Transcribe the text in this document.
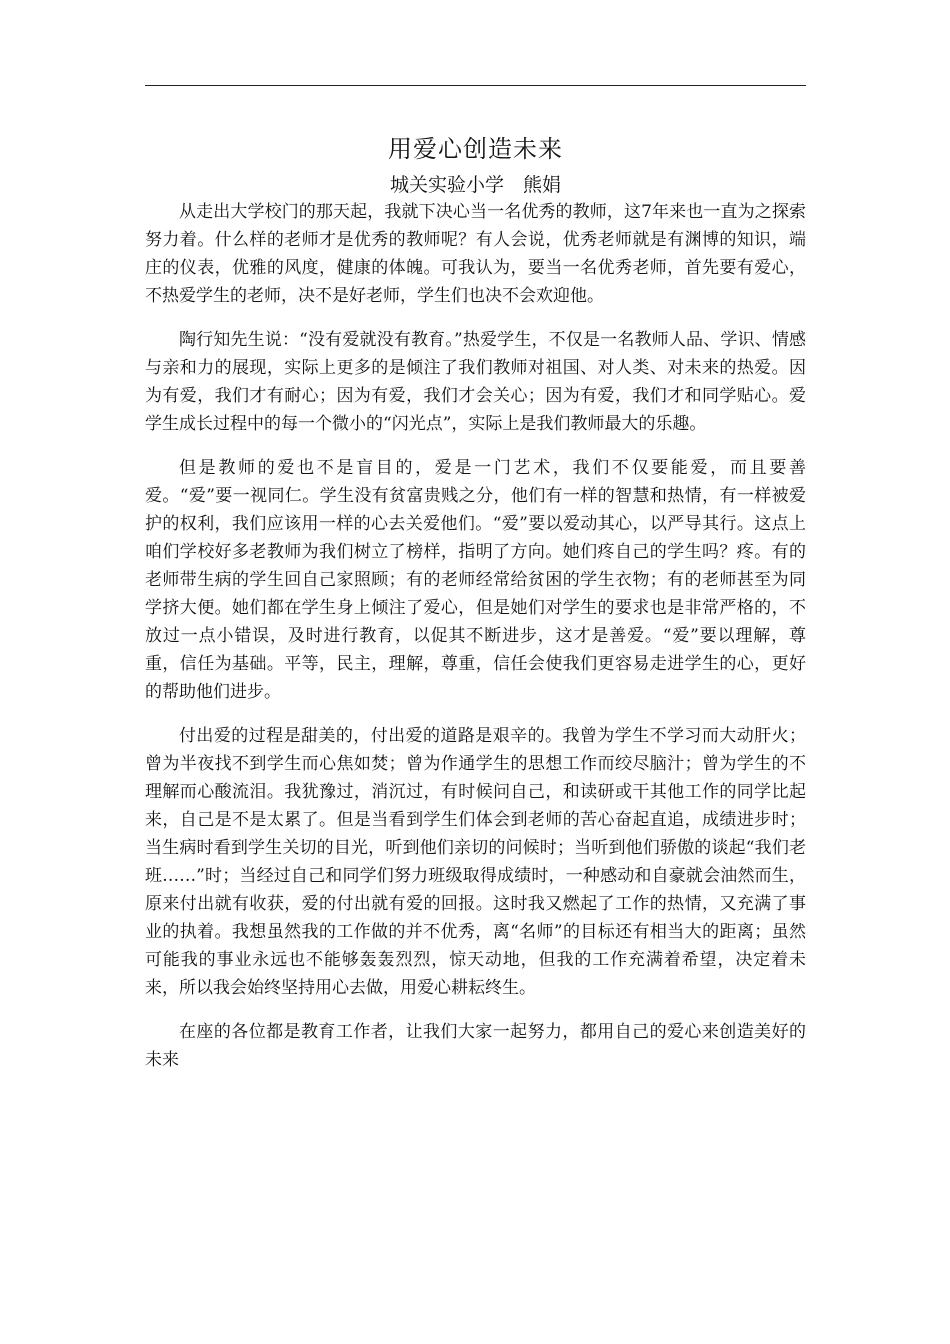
用爱心创造未来
城关实验小学　熊娟

从走出大学校门的那天起，我就下决心当一名优秀的教师，这7年来也一直为之探索努力着。什么样的老师才是优秀的教师呢？有人会说，优秀老师就是有渊博的知识，端庄的仪表，优雅的风度，健康的体魄。可我认为，要当一名优秀老师，首先要有爱心，不热爱学生的老师，决不是好老师，学生们也决不会欢迎他。

陶行知先生说：“没有爱就没有教育。”热爱学生，不仅是一名教师人品、学识、情感与亲和力的展现，实际上更多的是倾注了我们教师对祖国、对人类、对未来的热爱。因为有爱，我们才有耐心；因为有爱，我们才会关心；因为有爱，我们才和同学贴心。爱学生成长过程中的每一个微小的“闪光点”，实际上是我们教师最大的乐趣。

但是教师的爱也不是盲目的，爱是一门艺术，我们不仅要能爱，而且要善爱。“爱”要一视同仁。学生没有贫富贵贱之分，他们有一样的智慧和热情，有一样被爱护的权利，我们应该用一样的心去关爱他们。“爱”要以爱动其心，以严导其行。这点上咱们学校好多老教师为我们树立了榜样，指明了方向。她们疼自己的学生吗？疼。有的老师带生病的学生回自己家照顾；有的老师经常给贫困的学生衣物；有的老师甚至为同学挤大便。她们都在学生身上倾注了爱心，但是她们对学生的要求也是非常严格的，不放过一点小错误，及时进行教育，以促其不断进步，这才是善爱。“爱”要以理解，尊重，信任为基础。平等，民主，理解，尊重，信任会使我们更容易走进学生的心，更好的帮助他们进步。

付出爱的过程是甜美的，付出爱的道路是艰辛的。我曾为学生不学习而大动肝火；曾为半夜找不到学生而心焦如焚；曾为作通学生的思想工作而绞尽脑汁；曾为学生的不理解而心酸流泪。我犹豫过，消沉过，有时候问自己，和读研或干其他工作的同学比起来，自己是不是太累了。但是当看到学生们体会到老师的苦心奋起直追，成绩进步时；当生病时看到学生关切的目光，听到他们亲切的问候时；当听到他们骄傲的谈起“我们老班……”时；当经过自己和同学们努力班级取得成绩时，一种感动和自豪就会油然而生，原来付出就有收获，爱的付出就有爱的回报。这时我又燃起了工作的热情，又充满了事业的执着。我想虽然我的工作做的并不优秀，离“名师”的目标还有相当大的距离；虽然可能我的事业永远也不能够轰轰烈烈，惊天动地，但我的工作充满着希望，决定着未来，所以我会始终坚持用心去做，用爱心耕耘终生。

在座的各位都是教育工作者，让我们大家一起努力，都用自己的爱心来创造美好的未来
